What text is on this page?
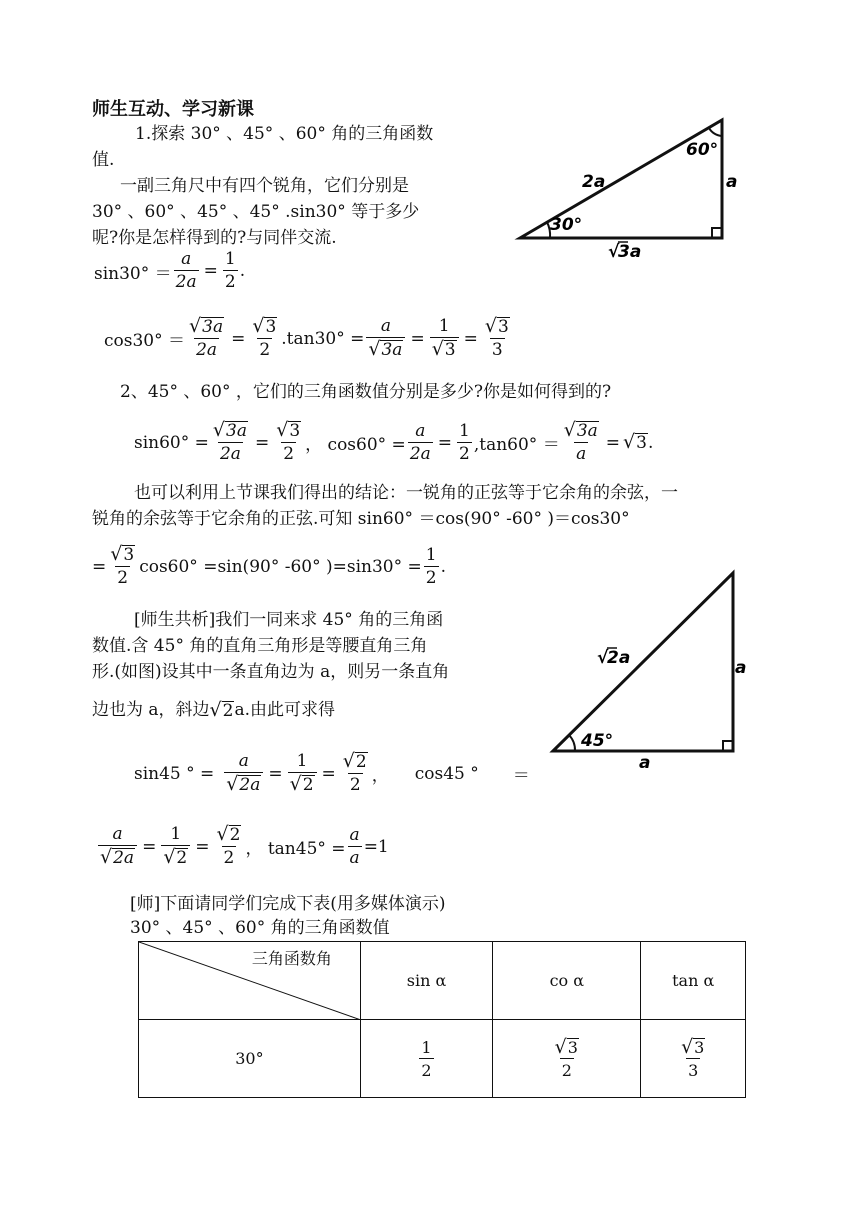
师生互动、学习新课
1.探索 30° 、45° 、60° 角的三角函数
值.
一副三角尺中有四个锐角，它们分别是
30° 、60° 、45° 、45° .sin30° 等于多少
呢?你是怎样得到的?与同伴交流.
60°
2a	a
30°
√
3a
$\sin 30^\circ = \frac{a}{2a} = \frac{1}{2}$ .
$\cos 30^\circ = \frac{√ 3a}{2a} = \frac{√ 3}{2} .\tan 30^\circ = \frac{a}{√ 3a} = \frac{1}{√ 3} = \frac{√ 3}{3}$
2、45° 、60° ，它们的三角函数值分别是多少?你是如何得到的?
$\sin 60^\circ = \frac{√ 3a}{2a} = \frac{√ 3}{2}$ ， $\cos 60^\circ = \frac{a}{2a} = \frac{1}{2} ,\tan 60^\circ = \frac{√ 3a}{a}$ = √ 3 .
也可以利用上节课我们得出的结论：一锐角的正弦等于它余角的余弦，一
锐角的余弦等于它余角的正弦.可知 sin60° ＝cos(90° -60° )＝cos30°
= $\frac{√ 3}{2} \cos 60^\circ =\sin(90^\circ$ -60° )$=\sin 30^\circ = \frac{1}{2}$ .
√
2a	a
45°
a
[师生共析]我们一同来求 45° 角的三角函
数值.含 45° 角的直角三角形是等腰直角三角
形.(如图)设其中一条直角边为 a，则另一条直角
边也为 a，斜边 √ 2 a.由此可求得
sin45 ° = $\frac{a}{√ 2a} = \frac{1}{√ 2} = \frac{√ 2}{2}$ ， cos45 ° ＝
$\frac{a}{√ 2a} = \frac{1}{√ 2} = \frac{√ 2}{2}$ ， $\tan 45^\circ = \frac{a}{a} =1$
[师]下面请同学们完成下表(用多媒体演示)
30° 、45° 、60° 角的三角函数值
三角函数角	sin α	co α	tan α
30°	$\frac{1}{2}$	$\frac{√ 3}{2}$	$\frac{√ 3}{3}$
